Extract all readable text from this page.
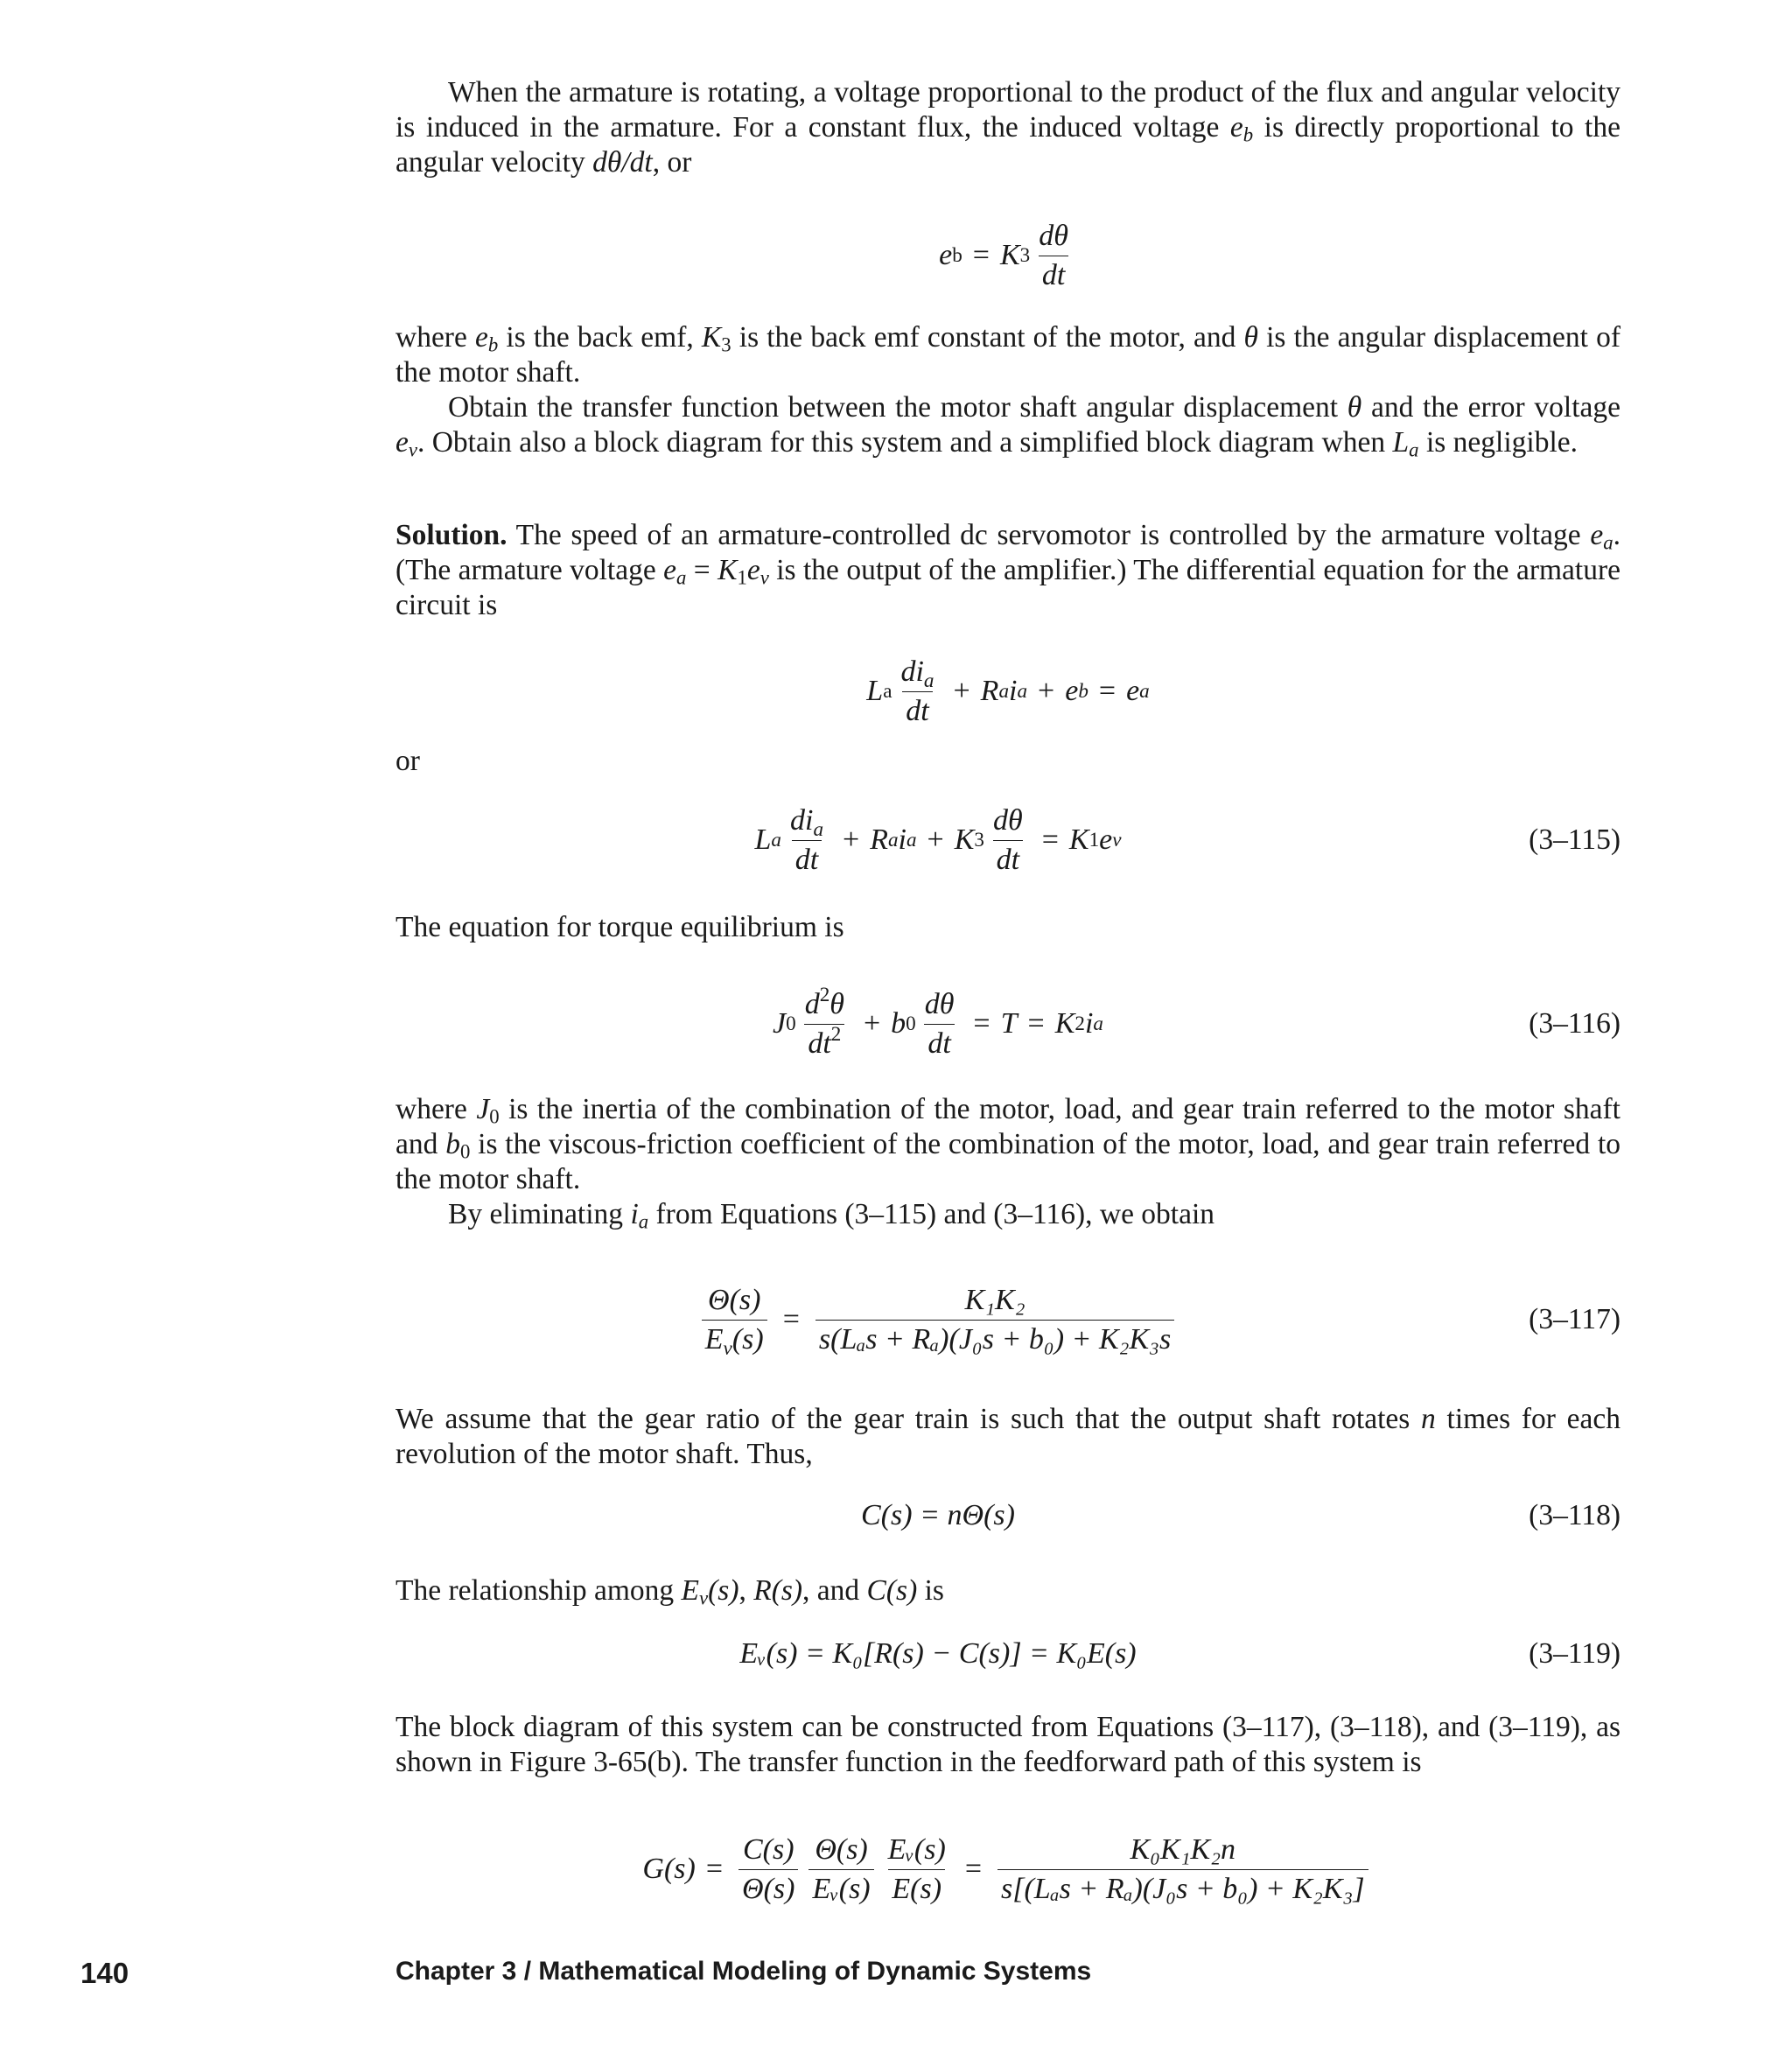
When the armature is rotating, a voltage proportional to the product of the flux and angular velocity is induced in the armature. For a constant flux, the induced voltage $e_b$ is directly proportional to the angular velocity dθ/dt, or

e b = K $3 \frac{d\theta}{dt}$

where $e_b$ is the back emf, $K_3$ is the back emf constant of the motor, and θ is the angular displacement of the motor shaft.

Obtain the transfer function between the motor shaft angular displacement θ and the error voltage $e_v$. Obtain also a block diagram for this system and a simplified block diagram when $L_a$ is negligible.

Solution. The speed of an armature-controlled dc servomotor is controlled by the armature voltage $e_a$. (The armature voltage $e_a = K_1e_v$ is the output of the amplifier.) The differential equation for the armature circuit is

L a $\frac{di_a}{dt} + R$ a i a + e b = e a

or

L a $\frac{di_a}{dt} + R$ a i a + K $3 \frac{d\theta}{dt} = K$ 1 e v	(3–115)

The equation for torque equilibrium is

J $0 \frac{d^2\theta}{dt^2} + b$ $0 \frac{d\theta}{dt} = T = K$ 2 i a	(3–116)

where $J_0$ is the inertia of the combination of the motor, load, and gear train referred to the motor shaft and $b_0$ is the viscous-friction coefficient of the combination of the motor, load, and gear train referred to the motor shaft.

By eliminating $i_a$ from Equations (3–115) and (3–116), we obtain

$\frac{\Theta(s)}{E_v(s)} = \frac{\text{K₁K₂}}{\text{s(Lₐs + Rₐ)(J₀s + b₀) + K₂K₃s}}$	(3–117)

We assume that the gear ratio of the gear train is such that the output shaft rotates n times for each revolution of the motor shaft. Thus,

C(s) = nΘ(s)	(3–118)

The relationship among $E_v(s)$, R(s), and C(s) is

Eᵥ(s) = K₀[R(s) − C(s)] = K₀E(s)	(3–119)

The block diagram of this system can be constructed from Equations (3–117), (3–118), and (3–119), as shown in Figure 3-65(b). The transfer function in the feedforward path of this system is

$G(s) = \frac{C(s)}{\Theta(s)} \frac{\Theta(s)}{\text{Eᵥ(s)}} \frac{\text{Eᵥ(s)}}{E(s)} = \frac{\text{K₀K₁K₂n}}{\text{s[(Lₐs + Rₐ)(J₀s + b₀) + K₂K₃]}}$
140	Chapter 3 / Mathematical Modeling of Dynamic Systems
